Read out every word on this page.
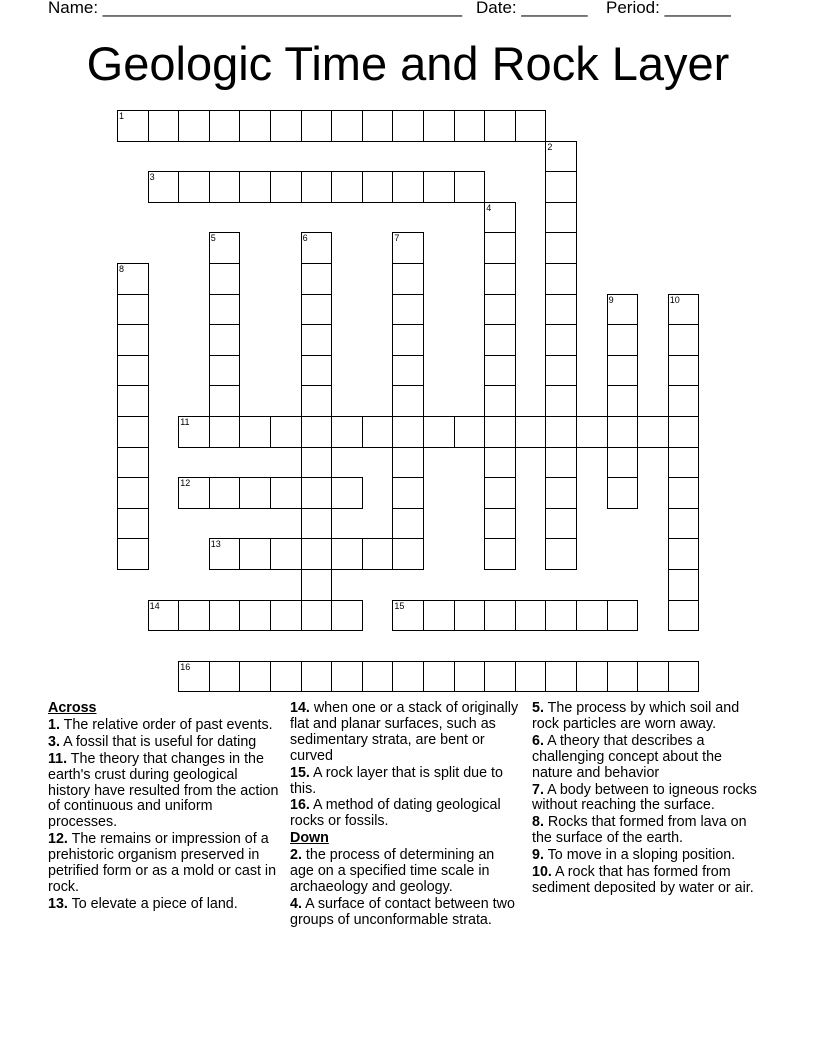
Name: ______________________________________ Date: _______ Period: _______
Geologic Time and Rock Layer
1
2
3
4
5	6	7
8
9	10
11
12
13
14	15
16
Across
1. The relative order of past events.
3. A fossil that is useful for dating
11. The theory that changes in the earth's crust during geological history have resulted from the action of continuous and uniform processes.
12. The remains or impression of a prehistoric organism preserved in petrified form or as a mold or cast in rock.
13. To elevate a piece of land.
14. when one or a stack of originally flat and planar surfaces, such as sedimentary strata, are bent or curved
15. A rock layer that is split due to this.
16. A method of dating geological rocks or fossils.
Down
2. the process of determining an age on a specified time scale in archaeology and geology.
4. A surface of contact between two groups of unconformable strata.
5. The process by which soil and rock particles are worn away.
6. A theory that describes a challenging concept about the nature and behavior
7. A body between to igneous rocks without reaching the surface.
8. Rocks that formed from lava on the surface of the earth.
9. To move in a sloping position.
10. A rock that has formed from sediment deposited by water or air.
